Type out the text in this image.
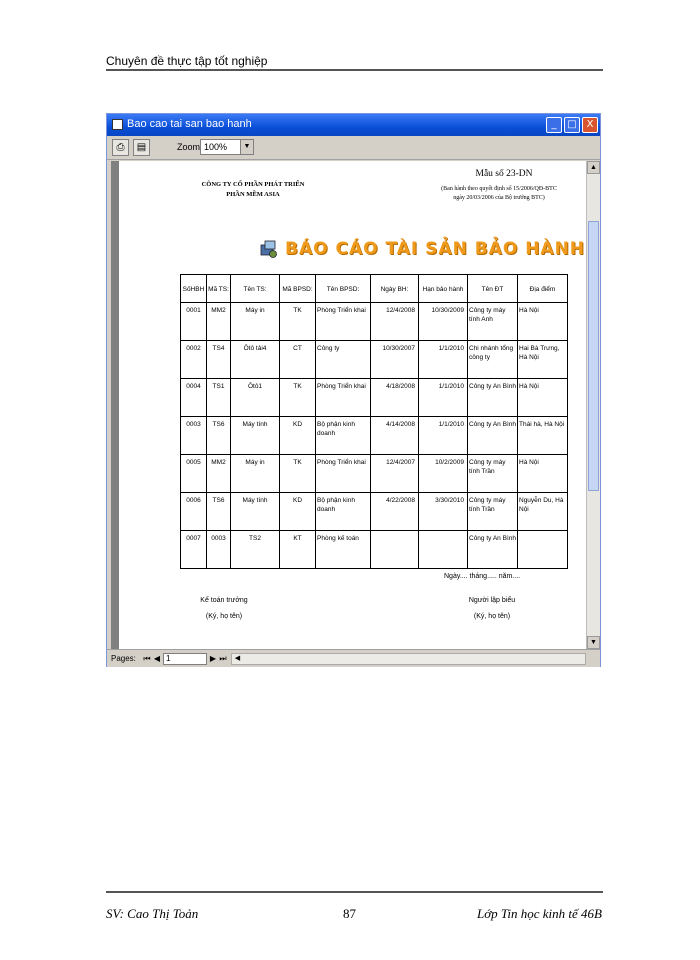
Chuyên đề thực tập tốt nghiệp
Bao cao tai san bao hanh	_	□ X
⎙	▤	Zoom 100%	▼
CÔNG TY CỔ PHẦN PHÁT TRIỂN
PHẦN MỀM ASIA
Mẫu số 23-DN
(Ban hành theo quyết định số 15/2006/QĐ-BTC
ngày 20/03/2006 của Bộ trưởng BTC)
BÁO CÁO TÀI SẢN BẢO HÀNH
SốHBH	Mã TS:	Tên TS:	Mã BPSD:	Tên BPSD:	Ngày BH:	Hạn bảo hành	Tên ĐT	Địa điểm
0001	MM2	Máy in	TK	Phòng Triển khai	12/4/2008	10/30/2009	Công ty máy tính Anh	Hà Nội
0002	TS4	Ôtô tải4	CT	Công ty	10/30/2007	1/1/2010	Chi nhánh tổng công ty	Hai Bà Trưng, Hà Nội
0004	TS1	Ôtô1	TK	Phòng Triển khai	4/18/2008	1/1/2010	Công ty An Bình	Hà Nội
0003	TS6	Máy tính	KD	Bộ phận kinh doanh	4/14/2008	1/1/2010	Công ty An Bình	Thái hà, Hà Nội
0005	MM2	Máy in	TK	Phòng Triển khai	12/4/2007	10/2/2009	Công ty máy tính Trần	Hà Nội
0006	TS6	Máy tính	KD	Bộ phận kinh doanh	4/22/2008	3/30/2010	Công ty máy tính Trần	Nguyễn Du, Hà Nội
0007	0003	TS2	KT	Phòng kế toán			Công ty An Bình	
Ngày.... tháng..... năm....
Kế toán trưởng
(Ký, họ tên)
Người lập biểu
(Ký, họ tên)
▲
▼
Pages: ⏮ ◀ 1	▶ ⏭	◀
SV: Cao Thị Toản	87	Lớp Tin học kinh tế 46B
